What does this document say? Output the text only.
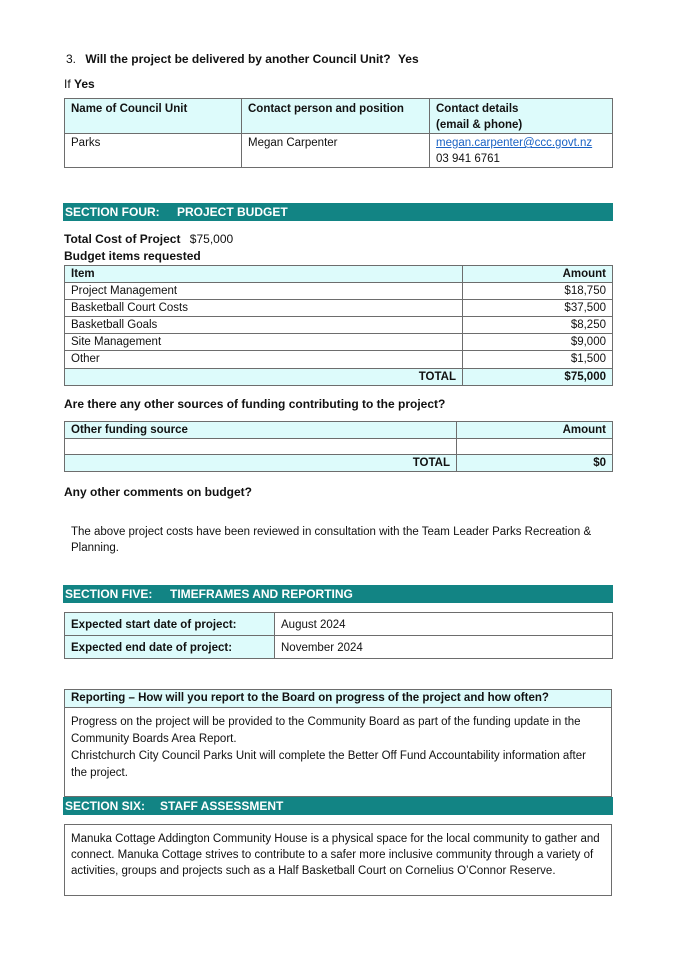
3. Will the project be delivered by another Council Unit? Yes
If Yes
Name of Council Unit	Contact person and position	Contact details
(email & phone)

Parks	Megan Carpenter	megan.carpenter@ccc.govt.nz
03 941 6761
SECTION FOUR: PROJECT BUDGET
Total Cost of Project $75,000
Budget items requested
Item	Amount
Project Management	$18,750
Basketball Court Costs	$37,500
Basketball Goals	$8,250
Site Management	$9,000
Other	$1,500
TOTAL	$75,000
Are there any other sources of funding contributing to the project?
Other funding source	Amount

TOTAL	$0
Any other comments on budget?
The above project costs have been reviewed in consultation with the Team Leader Parks Recreation & Planning.
SECTION FIVE: TIMEFRAMES AND REPORTING
Expected start date of project:	August 2024
Expected end date of project:	November 2024
Reporting – How will you report to the Board on progress of the project and how often?
Progress on the project will be provided to the Community Board as part of the funding update in the Community Boards Area Report.
Christchurch City Council Parks Unit will complete the Better Off Fund Accountability information after the project.
SECTION SIX: STAFF ASSESSMENT
Manuka Cottage Addington Community House is a physical space for the local community to gather and connect. Manuka Cottage strives to contribute to a safer more inclusive community through a variety of activities, groups and projects such as a Half Basketball Court on Cornelius O’Connor Reserve.
